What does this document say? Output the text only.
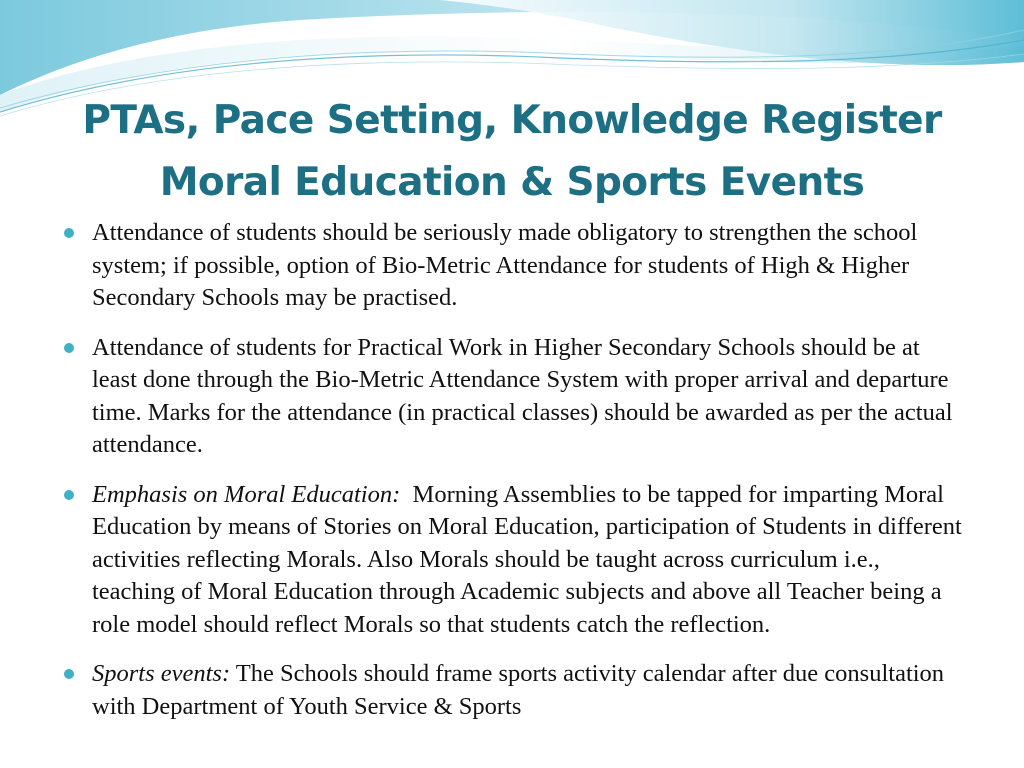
PTAs, Pace Setting, Knowledge Register
Moral Education & Sports Events
Attendance of students should be seriously made obligatory to strengthen the school system; if possible, option of Bio-Metric Attendance for students of High & Higher Secondary Schools may be practised.
Attendance of students for Practical Work in Higher Secondary Schools should be at least done through the Bio-Metric Attendance System with proper arrival and departure time. Marks for the attendance (in practical classes) should be awarded as per the actual attendance.
Emphasis on Moral Education:  Morning Assemblies to be tapped for imparting Moral Education by means of Stories on Moral Education, participation of Students in different activities reflecting Morals. Also Morals should be taught across curriculum i.e., teaching of Moral Education through Academic subjects and above all Teacher being a role model should reflect Morals so that students catch the reflection.
Sports events: The Schools should frame sports activity calendar after due consultation with Department of Youth Service & Sports
